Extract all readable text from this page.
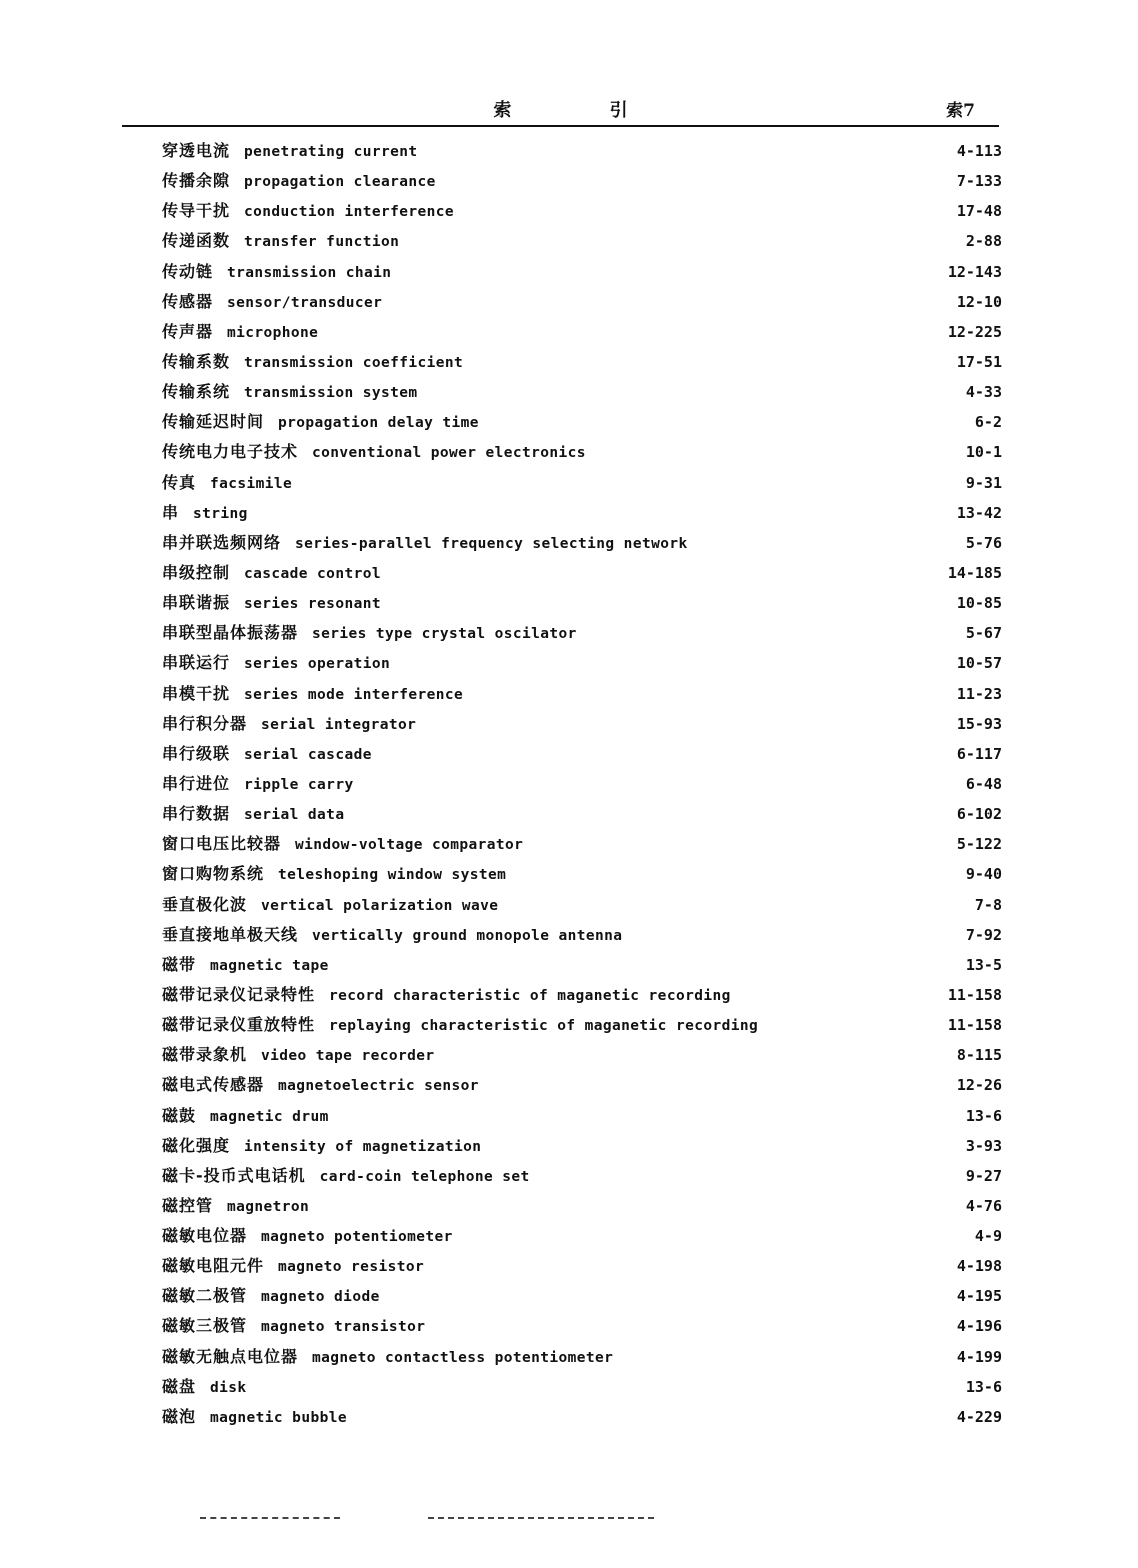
索 引	索7
穿透电流 penetrating current	4-113
传播余隙 propagation clearance	7-133
传导干扰 conduction interference	17-48
传递函数 transfer function	2-88
传动链 transmission chain	12-143
传感器 sensor/transducer	12-10
传声器 microphone	12-225
传输系数 transmission coefficient	17-51
传输系统 transmission system	4-33
传输延迟时间 propagation delay time	6-2
传统电力电子技术 conventional power electronics	10-1
传真 facsimile	9-31
串 string	13-42
串并联选频网络 series-parallel frequency selecting network	5-76
串级控制 cascade control	14-185
串联谐振 series resonant	10-85
串联型晶体振荡器 series type crystal oscilator	5-67
串联运行 series operation	10-57
串模干扰 series mode interference	11-23
串行积分器 serial integrator	15-93
串行级联 serial cascade	6-117
串行进位 ripple carry	6-48
串行数据 serial data	6-102
窗口电压比较器 window-voltage comparator	5-122
窗口购物系统 teleshoping window system	9-40
垂直极化波 vertical polarization wave	7-8
垂直接地单极天线 vertically ground monopole antenna	7-92
磁带 magnetic tape	13-5
磁带记录仪记录特性 record characteristic of maganetic recording	11-158
磁带记录仪重放特性 replaying characteristic of maganetic recording	11-158
磁带录象机 video tape recorder	8-115
磁电式传感器 magnetoelectric sensor	12-26
磁鼓 magnetic drum	13-6
磁化强度 intensity of magnetization	3-93
磁卡-投币式电话机 card-coin telephone set	9-27
磁控管 magnetron	4-76
磁敏电位器 magneto potentiometer	4-9
磁敏电阻元件 magneto resistor	4-198
磁敏二极管 magneto diode	4-195
磁敏三极管 magneto transistor	4-196
磁敏无触点电位器 magneto contactless potentiometer	4-199
磁盘 disk	13-6
磁泡 magnetic bubble	4-229
